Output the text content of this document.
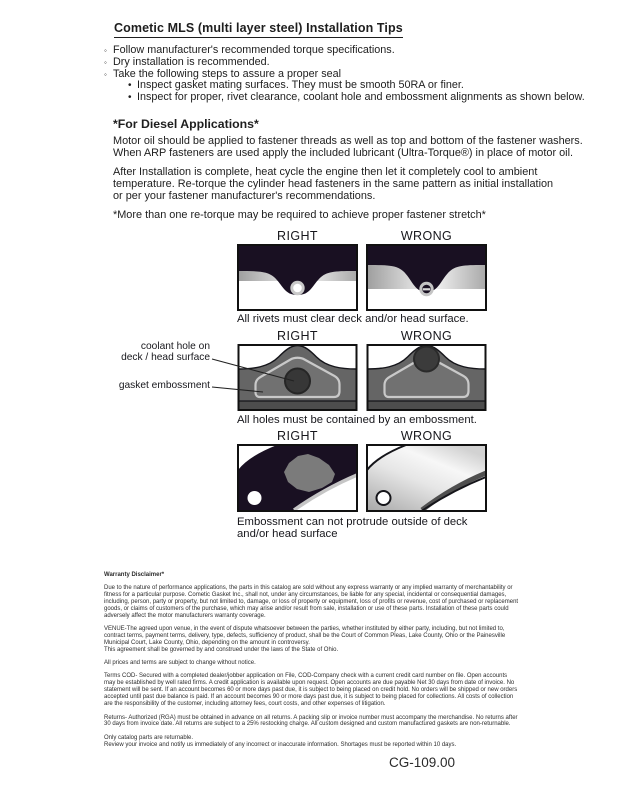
Cometic MLS (multi layer steel) Installation Tips
◦ Follow manufacturer's recommended torque specifications.
◦ Dry installation is recommended.
◦ Take the following steps to assure a proper seal
• Inspect gasket mating surfaces. They must be smooth 50RA or finer.
• Inspect for proper, rivet clearance, coolant hole and embossment alignments as shown below.
*For Diesel Applications*
Motor oil should be applied to fastener threads as well as top and bottom of the fastener washers.
When ARP fasteners are used apply the included lubricant (Ultra-Torque®) in place of motor oil.
After Installation is complete, heat cycle the engine then let it completely cool to ambient
temperature. Re-torque the cylinder head fasteners in the same pattern as initial installation
or per your fastener manufacturer's recommendations.
*More than one re-torque may be required to achieve proper fastener stretch*
RIGHT	WRONG
All rivets must clear deck and/or head surface.
RIGHT	WRONG
coolant hole on
deck / head surface
gasket embossment
All holes must be contained by an embossment.
RIGHT	WRONG
Embossment can not protrude outside of deck
and/or head surface
Warranty Disclaimer*

Due to the nature of performance applications, the parts in this catalog are sold without any express warranty or any implied warranty of merchantability or fitness for a particular purpose. Cometic Gasket Inc., shall not, under any circumstances, be liable for any special, incidental or consequential damages, including, person, party or property, but not limited to, damage, or loss of property or equipment, loss of profits or revenue, cost of purchased or replacement goods, or claims of customers of the purchase, which may arise and/or result from sale, installation or use of these parts. Installation of these parts could adversely affect the motor manufacturers warranty coverage.

VENUE-The agreed upon venue, in the event of dispute whatsoever between the parties, whether instituted by either party, including, but not limited to, contract terms, payment terms, delivery, type, defects, sufficiency of product, shall be the Court of Common Pleas, Lake County, Ohio or the Painesville Municipal Court, Lake County, Ohio, depending on the amount in controversy.
This agreement shall be governed by and construed under the laws of the State of Ohio.

All prices and terms are subject to change without notice.

Terms COD- Secured with a completed dealer/jobber application on File, COD-Company check with a current credit card number on file. Open accounts may be established by well rated firms. A credit application is available upon request. Open accounts are due payable Net 30 days from date of invoice. No statement will be sent. If an account becomes 60 or more days past due, it is subject to being placed on credit hold. No orders will be shipped or new orders accepted until past due balance is paid. If an account becomes 90 or more days past due, it is subject to being placed for collections. All costs of collection are the responsibility of the customer, including attorney fees, court costs, and other expenses of litigation.

Returns- Authorized (RGA) must be obtained in advance on all returns. A packing slip or invoice number must accompany the merchandise. No returns after 30 days from invoice date. All returns are subject to a 25% restocking charge. All custom designed and custom manufactured gaskets are non-returnable.

Only catalog parts are returnable.
Review your invoice and notify us immediately of any incorrect or inaccurate information. Shortages must be reported within 10 days.

CG-109.00
